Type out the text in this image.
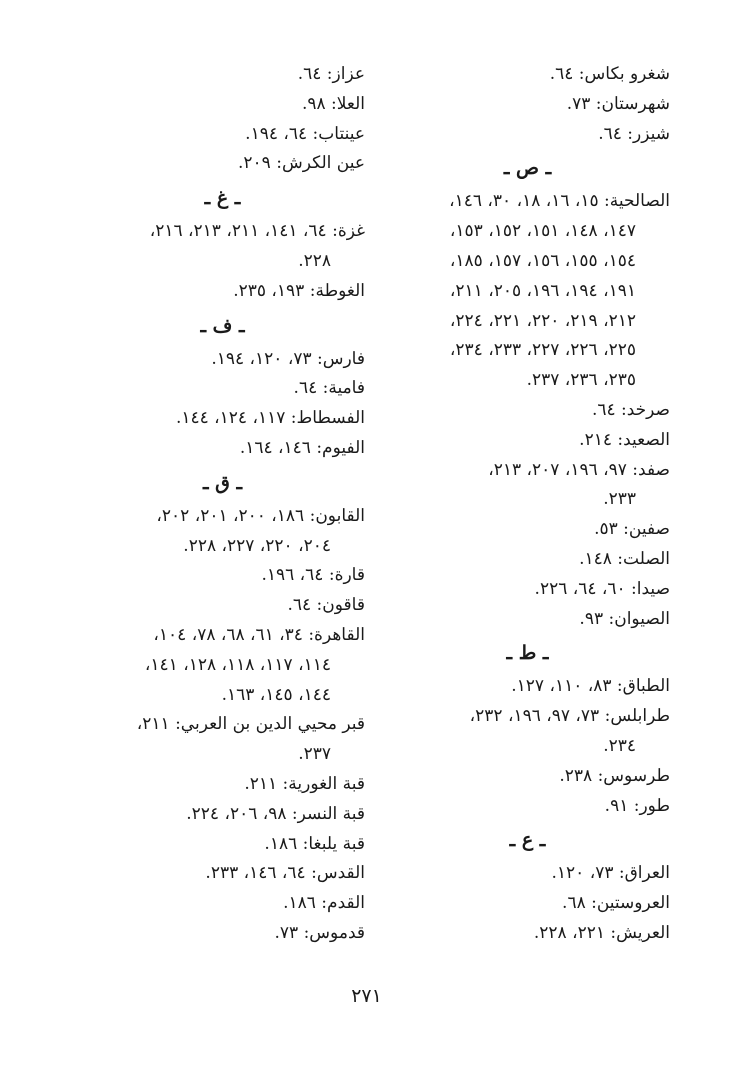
شغرو بكاس: ٦٤.
شهرستان: ٧٣.
شيزر: ٦٤.
ـ ص ـ
الصالحية: ١٥، ١٦، ١٨، ٣٠، ١٤٦،
١٤٧، ١٤٨، ١٥١، ١٥٢، ١٥٣،
١٥٤، ١٥٥، ١٥٦، ١٥٧، ١٨٥،
١٩١، ١٩٤، ١٩٦، ٢٠٥، ٢١١،
٢١٢، ٢١٩، ٢٢٠، ٢٢١، ٢٢٤،
٢٢٥، ٢٢٦، ٢٢٧، ٢٣٣، ٢٣٤،
٢٣٥، ٢٣٦، ٢٣٧.
صرخد: ٦٤.
الصعيد: ٢١٤.
صفد: ٩٧، ١٩٦، ٢٠٧، ٢١٣،
٢٣٣.
صفين: ٥٣.
الصلت: ١٤٨.
صيدا: ٦٠، ٦٤، ٢٢٦.
الصيوان: ٩٣.
ـ ط ـ
الطباق: ٨٣، ١١٠، ١٢٧.
طرابلس: ٧٣، ٩٧، ١٩٦، ٢٣٢،
٢٣٤.
طرسوس: ٢٣٨.
طور: ٩١.
ـ ع ـ
العراق: ٧٣، ١٢٠.
العروستين: ٦٨.
العريش: ٢٢١، ٢٢٨.
عزاز: ٦٤.
العلا: ٩٨.
عينتاب: ٦٤، ١٩٤.
عين الكرش: ٢٠٩.
ـ غ ـ
غزة: ٦٤، ١٤١، ٢١١، ٢١٣، ٢١٦،
٢٢٨.
الغوطة: ١٩٣، ٢٣٥.
ـ ف ـ
فارس: ٧٣، ١٢٠، ١٩٤.
فامية: ٦٤.
الفسطاط: ١١٧، ١٢٤، ١٤٤.
الفيوم: ١٤٦، ١٦٤.
ـ ق ـ
القابون: ١٨٦، ٢٠٠، ٢٠١، ٢٠٢،
٢٠٤، ٢٢٠، ٢٢٧، ٢٢٨.
قارة: ٦٤، ١٩٦.
قاقون: ٦٤.
القاهرة: ٣٤، ٦١، ٦٨، ٧٨، ١٠٤،
١١٤، ١١٧، ١١٨، ١٢٨، ١٤١،
١٤٤، ١٤٥، ١٦٣.
قبر محيي الدين بن العربي: ٢١١،
٢٣٧.
قبة الغورية: ٢١١.
قبة النسر: ٩٨، ٢٠٦، ٢٢٤.
قبة يلبغا: ١٨٦.
القدس: ٦٤، ١٤٦، ٢٣٣.
القدم: ١٨٦.
قدموس: ٧٣.
٢٧١
